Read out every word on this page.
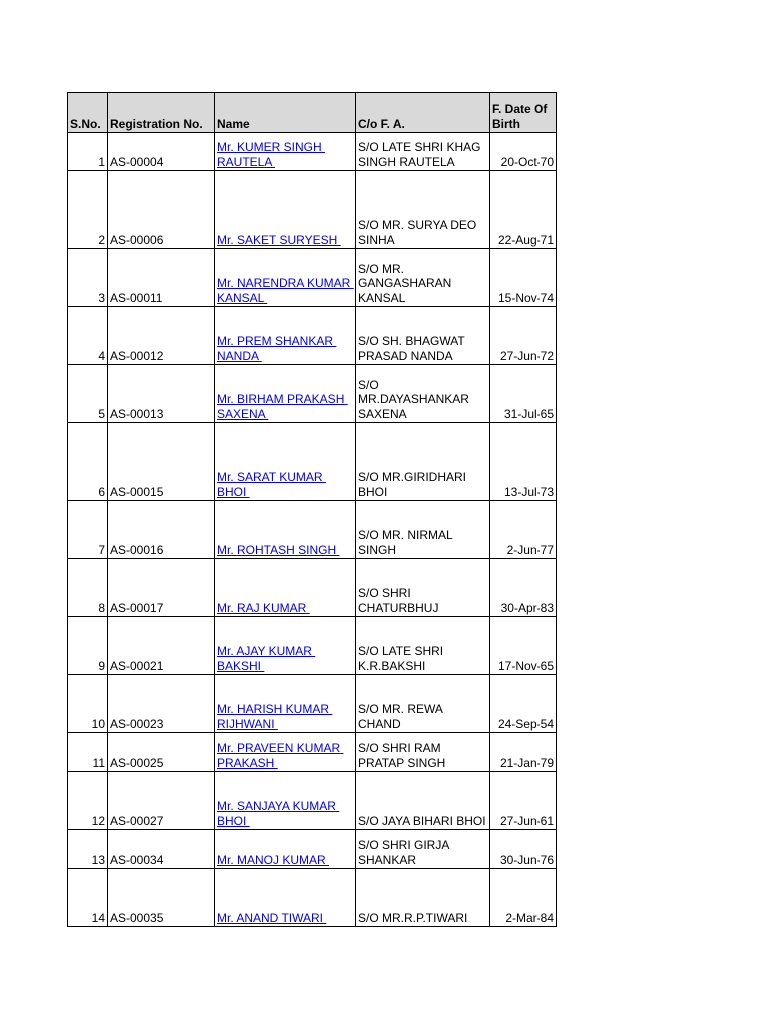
S.No.	Registration No.	Name	C/o F. A.	F. Date Of Birth
1	AS-00004	Mr. KUMER SINGH RAUTELA	S/O LATE SHRI KHAG SINGH RAUTELA	20-Oct-70
2	AS-00006	Mr. SAKET SURYESH	S/O MR. SURYA DEO SINHA	22-Aug-71
3	AS-00011	Mr. NARENDRA KUMAR KANSAL	S/O MR. GANGASHARAN KANSAL	15-Nov-74
4	AS-00012	Mr. PREM SHANKAR NANDA	S/O SH. BHAGWAT PRASAD NANDA	27-Jun-72
5	AS-00013	Mr. BIRHAM PRAKASH SAXENA	S/O MR.DAYASHANKAR SAXENA	31-Jul-65
6	AS-00015	Mr. SARAT KUMAR BHOI	S/O MR.GIRIDHARI BHOI	13-Jul-73
7	AS-00016	Mr. ROHTASH SINGH	S/O MR. NIRMAL SINGH	2-Jun-77
8	AS-00017	Mr. RAJ KUMAR	S/O SHRI CHATURBHUJ	30-Apr-83
9	AS-00021	Mr. AJAY KUMAR BAKSHI	S/O LATE SHRI K.R.BAKSHI	17-Nov-65
10	AS-00023	Mr. HARISH KUMAR RIJHWANI	S/O MR. REWA CHAND	24-Sep-54
11	AS-00025	Mr. PRAVEEN KUMAR PRAKASH	S/O SHRI RAM PRATAP SINGH	21-Jan-79
12	AS-00027	Mr. SANJAYA KUMAR BHOI	S/O JAYA BIHARI BHOI	27-Jun-61
13	AS-00034	Mr. MANOJ KUMAR	S/O SHRI GIRJA SHANKAR	30-Jun-76
14	AS-00035	Mr. ANAND TIWARI	S/O MR.R.P.TIWARI	2-Mar-84
